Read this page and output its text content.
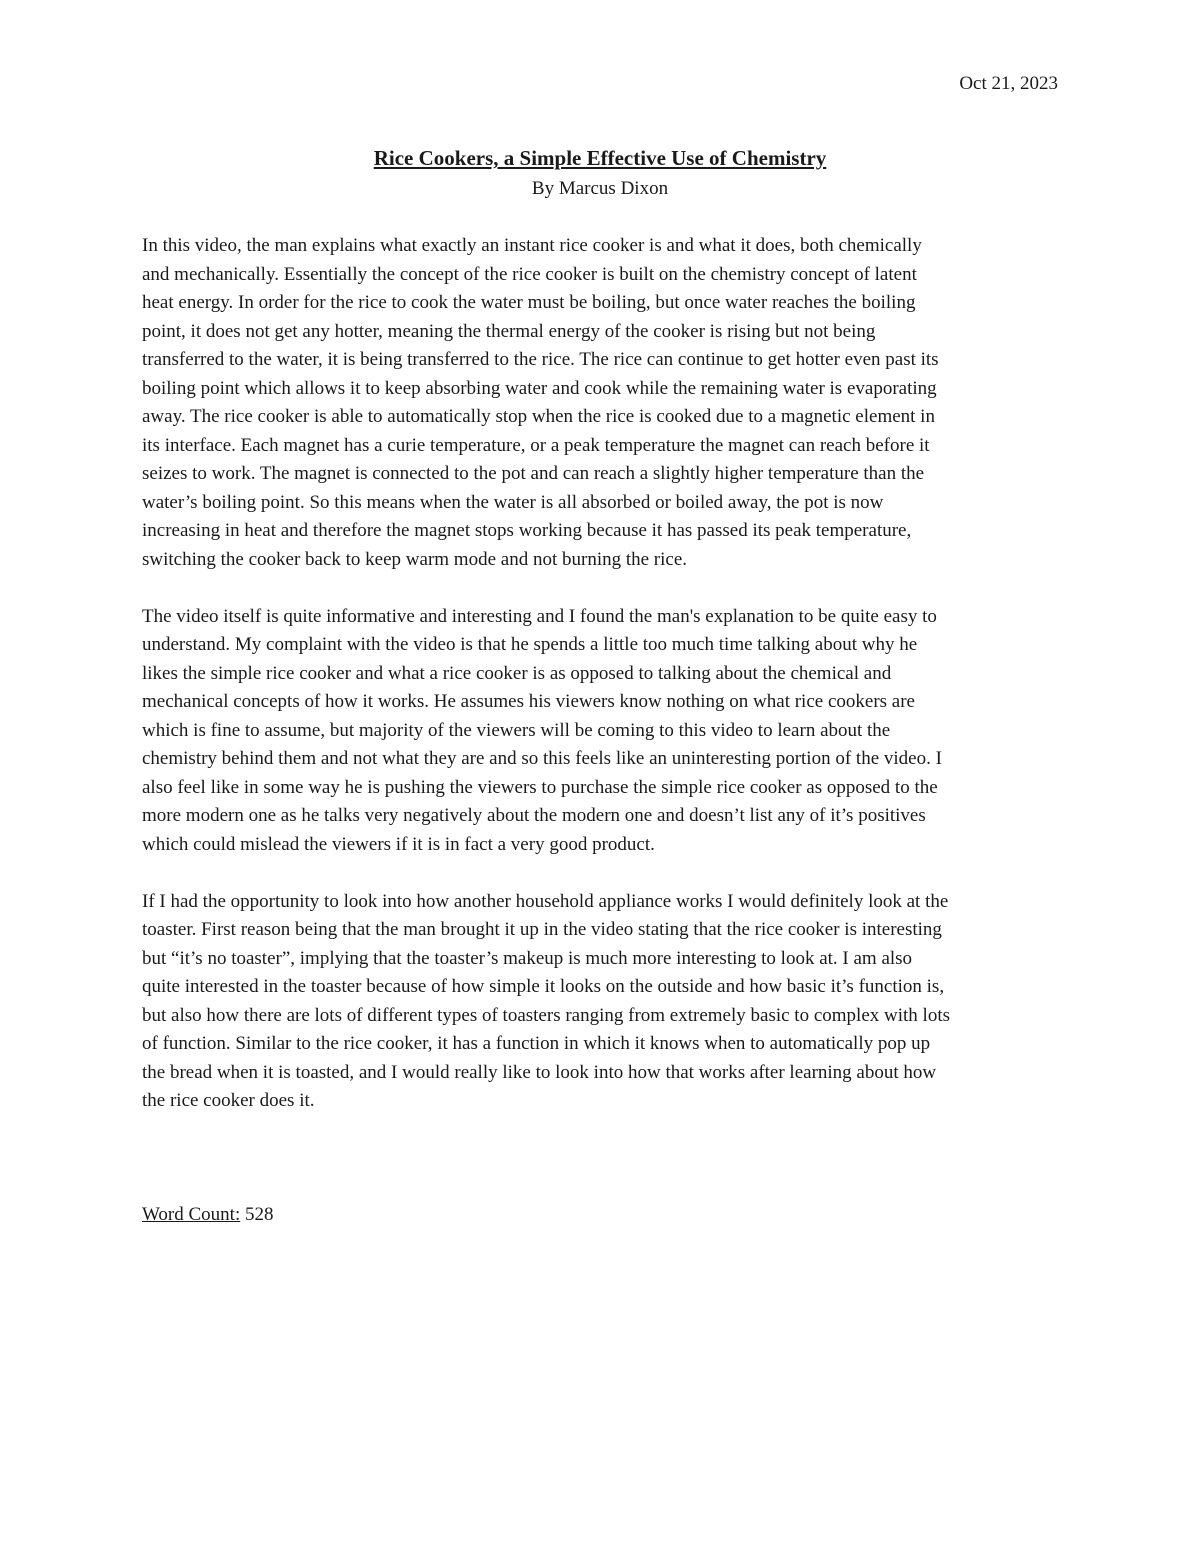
Oct 21, 2023
Rice Cookers, a Simple Effective Use of Chemistry
By Marcus Dixon

In this video, the man explains what exactly an instant rice cooker is and what it does, both chemically
and mechanically. Essentially the concept of the rice cooker is built on the chemistry concept of latent
heat energy. In order for the rice to cook the water must be boiling, but once water reaches the boiling
point, it does not get any hotter, meaning the thermal energy of the cooker is rising but not being
transferred to the water, it is being transferred to the rice. The rice can continue to get hotter even past its
boiling point which allows it to keep absorbing water and cook while the remaining water is evaporating
away. The rice cooker is able to automatically stop when the rice is cooked due to a magnetic element in
its interface. Each magnet has a curie temperature, or a peak temperature the magnet can reach before it
seizes to work. The magnet is connected to the pot and can reach a slightly higher temperature than the
water’s boiling point. So this means when the water is all absorbed or boiled away, the pot is now
increasing in heat and therefore the magnet stops working because it has passed its peak temperature,
switching the cooker back to keep warm mode and not burning the rice.

The video itself is quite informative and interesting and I found the man's explanation to be quite easy to
understand. My complaint with the video is that he spends a little too much time talking about why he
likes the simple rice cooker and what a rice cooker is as opposed to talking about the chemical and
mechanical concepts of how it works. He assumes his viewers know nothing on what rice cookers are
which is fine to assume, but majority of the viewers will be coming to this video to learn about the
chemistry behind them and not what they are and so this feels like an uninteresting portion of the video. I
also feel like in some way he is pushing the viewers to purchase the simple rice cooker as opposed to the
more modern one as he talks very negatively about the modern one and doesn’t list any of it’s positives
which could mislead the viewers if it is in fact a very good product.

If I had the opportunity to look into how another household appliance works I would definitely look at the
toaster. First reason being that the man brought it up in the video stating that the rice cooker is interesting
but “it’s no toaster”, implying that the toaster’s makeup is much more interesting to look at. I am also
quite interested in the toaster because of how simple it looks on the outside and how basic it’s function is,
but also how there are lots of different types of toasters ranging from extremely basic to complex with lots
of function. Similar to the rice cooker, it has a function in which it knows when to automatically pop up
the bread when it is toasted, and I would really like to look into how that works after learning about how
the rice cooker does it.

Word Count: 528
